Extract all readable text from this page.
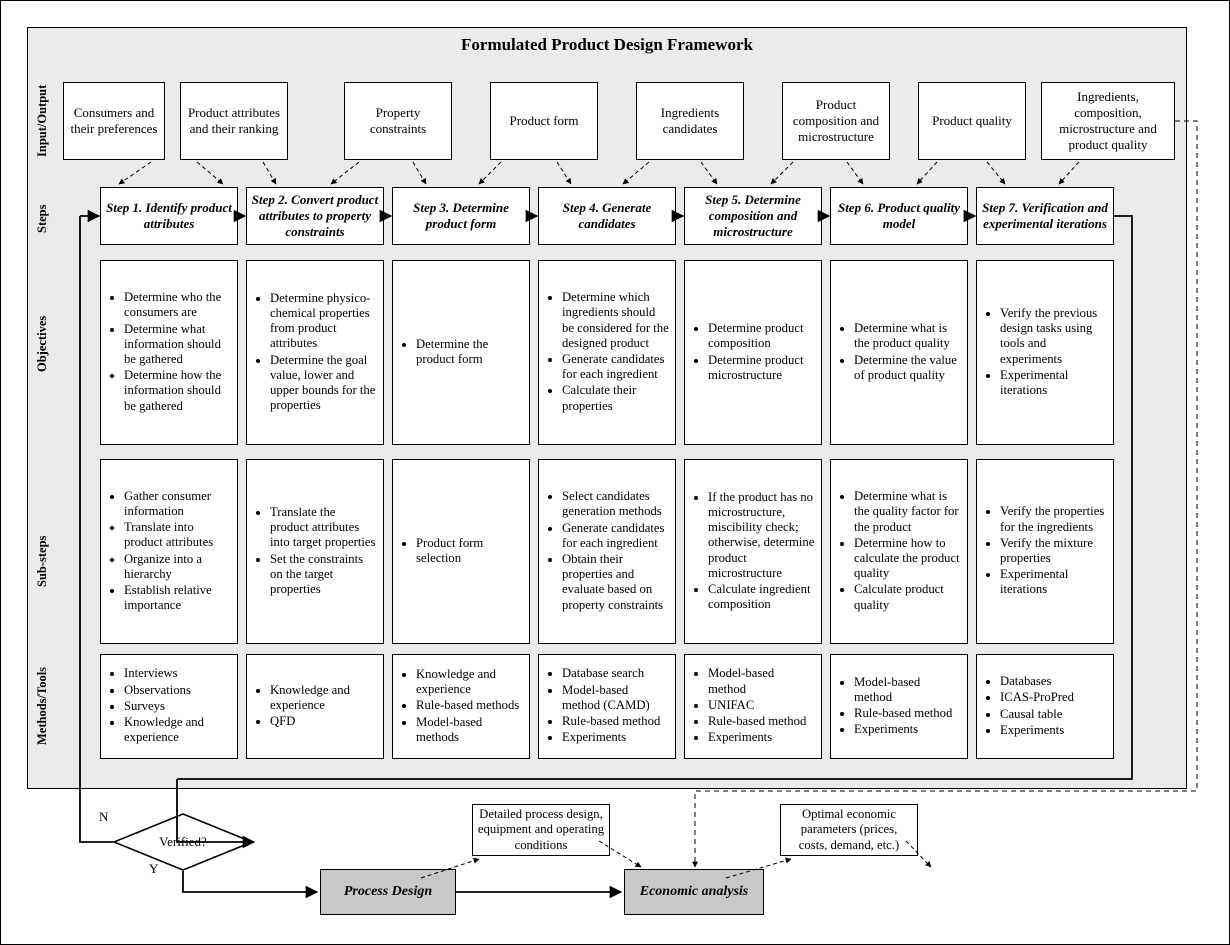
Formulated Product Design Framework
Input/Output
Steps
Objectives
Sub-steps
Methods/Tools
Consumers and their preferences
Product attributes and their ranking
Property constraints
Product form
Ingredients candidates
Product composition and microstructure
Product quality
Ingredients, composition, microstructure and product quality
Step 1. Identify product attributes
Step 2. Convert product attributes to property constraints
Step 3. Determine product form
Step 4. Generate candidates
Step 5. Determine composition and microstructure
Step 6. Product quality model
Step 7. Verification and experimental iterations
• Determine who the consumers are
• Determine what information should be gathered
• Determine how the information should be gathered
• Determine physico-chemical properties from product attributes
• Determine the goal value, lower and upper bounds for the properties
• Determine the product form
• Determine which ingredients should be considered for the designed product
• Generate candidates for each ingredient
• Calculate their properties
• Determine product composition
• Determine product microstructure
• Determine what is the product quality
• Determine the value of product quality
• Verify the previous design tasks using tools and experiments
• Experimental iterations
• Gather consumer information
• Translate into product attributes
• Organize into a hierarchy
• Establish relative importance
• Translate the product attributes into target properties
• Set the constraints on the target properties
• Product form selection
• Select candidates generation methods
• Generate candidates for each ingredient
• Obtain their properties and evaluate based on property constraints
• If the product has no microstructure, miscibility check; otherwise, determine product microstructure
• Calculate ingredient composition
• Determine what is the quality factor for the product
• Determine how to calculate the product quality
• Calculate product quality
• Verify the properties for the ingredients
• Verify the mixture properties
• Experimental iterations
• Interviews
• Observations
• Surveys
• Knowledge and experience
• Knowledge and experience
• QFD
• Knowledge and experience
• Rule-based methods
• Model-based methods
• Database search
• Model-based method (CAMD)
• Rule-based method
• Experiments
• Model-based method
• UNIFAC
• Rule-based method
• Experiments
• Model-based method
• Rule-based method
• Experiments
• Databases
• ICAS-ProPred
• Causal table
• Experiments
Verified?
N
Y
Process Design	Economic analysis
Detailed process design, equipment and operating conditions
Optimal economic parameters (prices, costs, demand, etc.)
